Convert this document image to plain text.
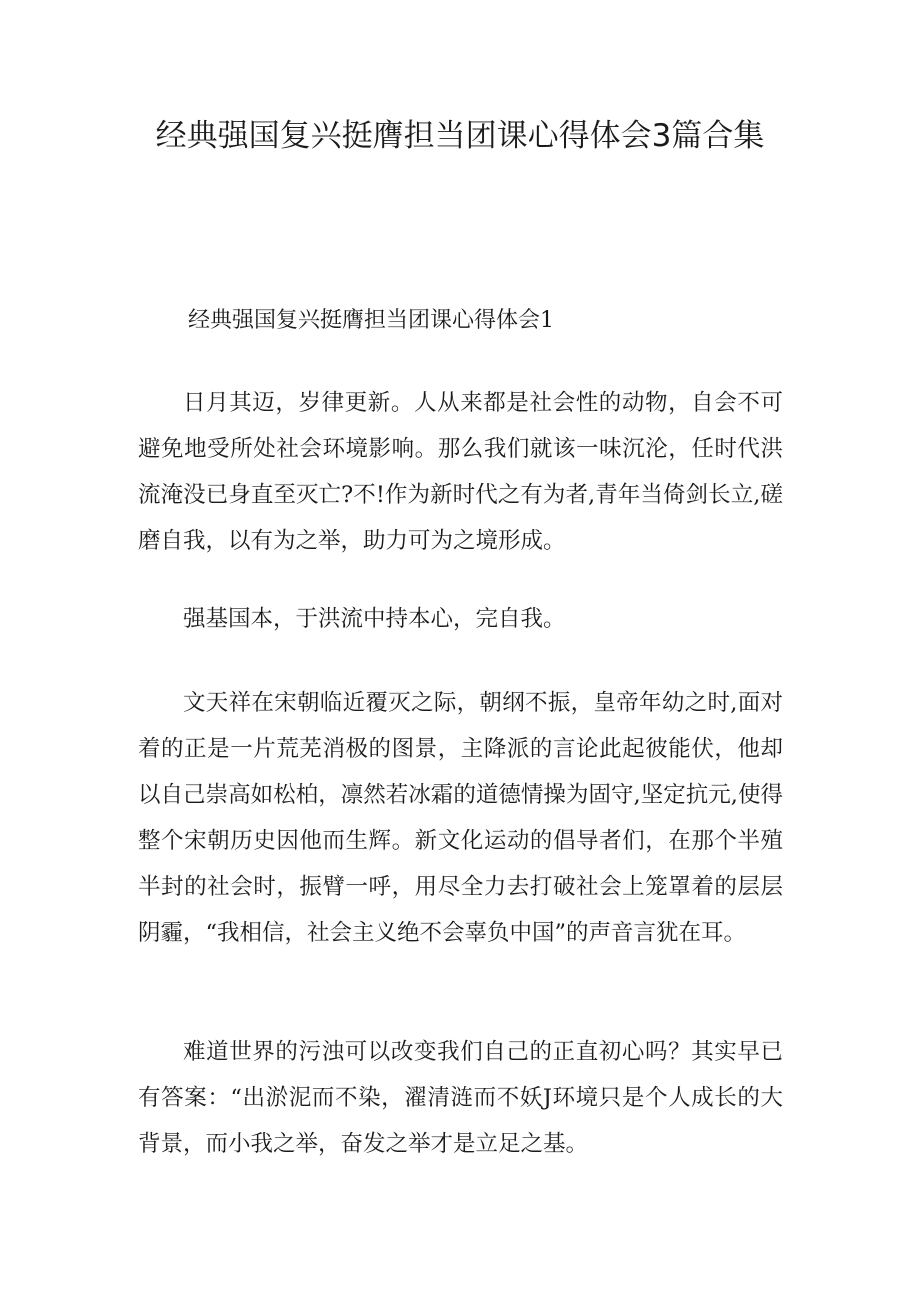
经典强国复兴挺膺担当团课心得体会3篇合集

经典强国复兴挺膺担当团课心得体会1

日月其迈，岁律更新。人从来都是社会性的动物，自会不可避免地受所处社会环境影响。那么我们就该一味沉沦，任时代洪流淹没已身直至灭亡?不!作为新时代之有为者,青年当倚剑长立,磋磨自我，以有为之举，助力可为之境形成。

强基国本，于洪流中持本心，完自我。

文天祥在宋朝临近覆灭之际，朝纲不振，皇帝年幼之时,面对着的正是一片荒芜消极的图景，主降派的言论此起彼能伏，他却以自己崇高如松柏，凛然若冰霜的道德情操为固守,坚定抗元,使得整个宋朝历史因他而生辉。新文化运动的倡导者们，在那个半殖半封的社会时，振臂一呼，用尽全力去打破社会上笼罩着的层层阴霾，“我相信，社会主义绝不会辜负中国”的声音言犹在耳。

难道世界的污浊可以改变我们自己的正直初心吗？其实早已有答案：“出淤泥而不染，濯清涟而不妖J环境只是个人成长的大背景，而小我之举，奋发之举才是立足之基。
